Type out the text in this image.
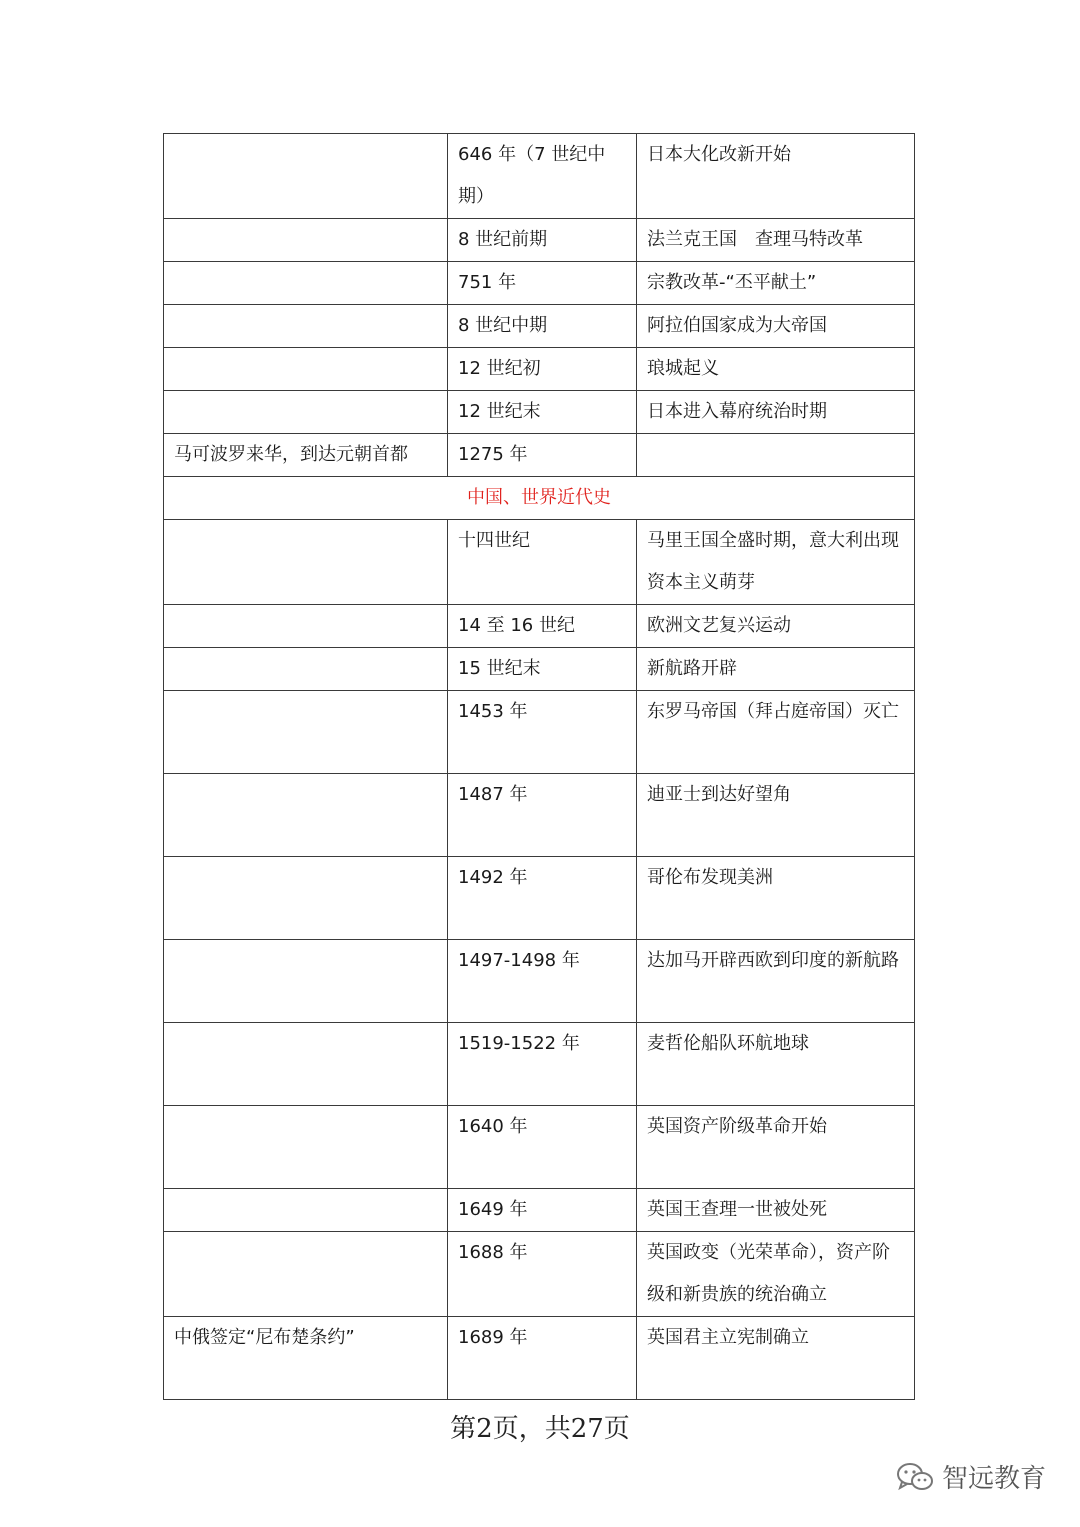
	646 年（7 世纪中期）	日本大化改新开始

	8 世纪前期	法兰克王国　查理马特改革

	751 年	宗教改革-“丕平献土”

	8 世纪中期	阿拉伯国家成为大帝国

	12 世纪初	琅城起义

	12 世纪末	日本进入幕府统治时期

马可波罗来华，到达元朝首都	1275 年	

中国、世界近代史		

	十四世纪	马里王国全盛时期，意大利出现资本主义萌芽

	14 至 16 世纪	欧洲文艺复兴运动

	15 世纪末	新航路开辟

	1453 年	东罗马帝国（拜占庭帝国）灭亡

	1487 年	迪亚士到达好望角

	1492 年	哥伦布发现美洲

	1497-1498 年	达加马开辟西欧到印度的新航路

	1519-1522 年	麦哲伦船队环航地球

	1640 年	英国资产阶级革命开始

	1649 年	英国王查理一世被处死

	1688 年	英国政变（光荣革命），资产阶级和新贵族的统治确立

中俄签定“尼布楚条约”	1689 年	英国君主立宪制确立
第2页，共27页
智远教育
